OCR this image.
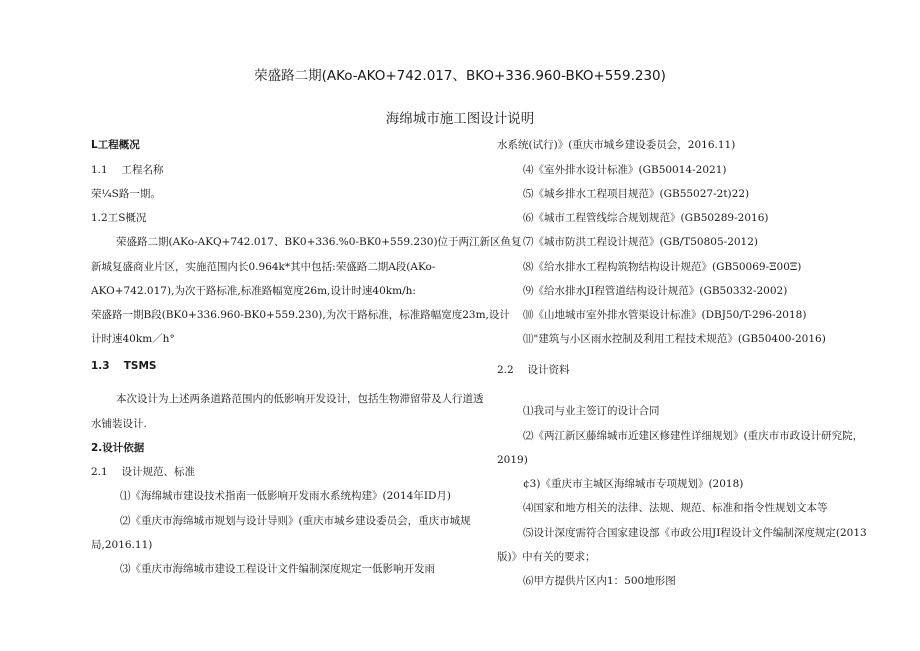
荣盛路二期(AKo-AKO+742.017、BKO+336.960-BKO+559.230)
海绵城市施工图设计说明
L工程概况
1.1　 工程名称
荣¼S路一期。
1.2工S概况
荣盛路二期(AKo-AKQ+742.017、BK0+336.%0-BK0+559.230)位于两江新区鱼复
新城复盛商业片区，实施范围内长0.964k*其中包括:荣盛路二期A段(AKo-
AKO+742.017),为次干路标准,标准路幅宽度26m,设计时速40km/h:
荣盛路一期B段(BK0+336.960-BK0+559.230),为次干路标准，标准路幅宽度23m,设计
计时速40km／h°
1.3　 TSMS
本次设计为上述两条道路范围内的低影响开发设计，包括生物滞留带及人行道透
水铺装设计.
2.设计依据
2.1　 设计规范、标准
⑴《海绵城市建设技术指南一低影响开发雨水系统构建》(2014年ID月)
⑵《重庆市海绵城市规划与设计导则》(重庆市城乡建设委员会，重庆市城规
局,2016.11)
⑶《重庆市海绵城市建设工程设计文件编制深度规定一低影响开发雨
水系统(试行)》(重庆市城乡建设委员会，2016.11)
⑷《室外排水设计标准》(GB50014-2021)
⑸《城乡排水工程项目规范》(GB55027-2t)22)
⑹《城市工程管线综合规划规范》(GB50289-2016)
⑺《城市防洪工程设计规范》(GB/T50805-2012)
⑻《给水排水工程构筑物结构设计规范》(GB50069-Ξ00Ξ)
⑼《给水排水JI程管道结构设计规范》(GB50332-2002)
⑽《山地城市室外排水管渠设计标准》(DBJ50/T-296-2018)
⑾"建筑与小区雨水控制及利用工程技术规范》(GB50400-2016)
2.2　 设计资料
⑴我司与业主签订的设计合同
⑵《两江新区藤绵城市近建区修建性详细规划》(重庆市市政设计研究院，
2019)
¢3)《重庆市主城区海绵城市专项规划》(2018)
⑷国家和地方相关的法律、法规、规范、标准和指令性规划文本等
⑸设计深度需符合国家建设部《市政公用JI程设计文件编制深度规定(2013
版)》中有关的要求；
⑹甲方提供片区内1：500地形图
